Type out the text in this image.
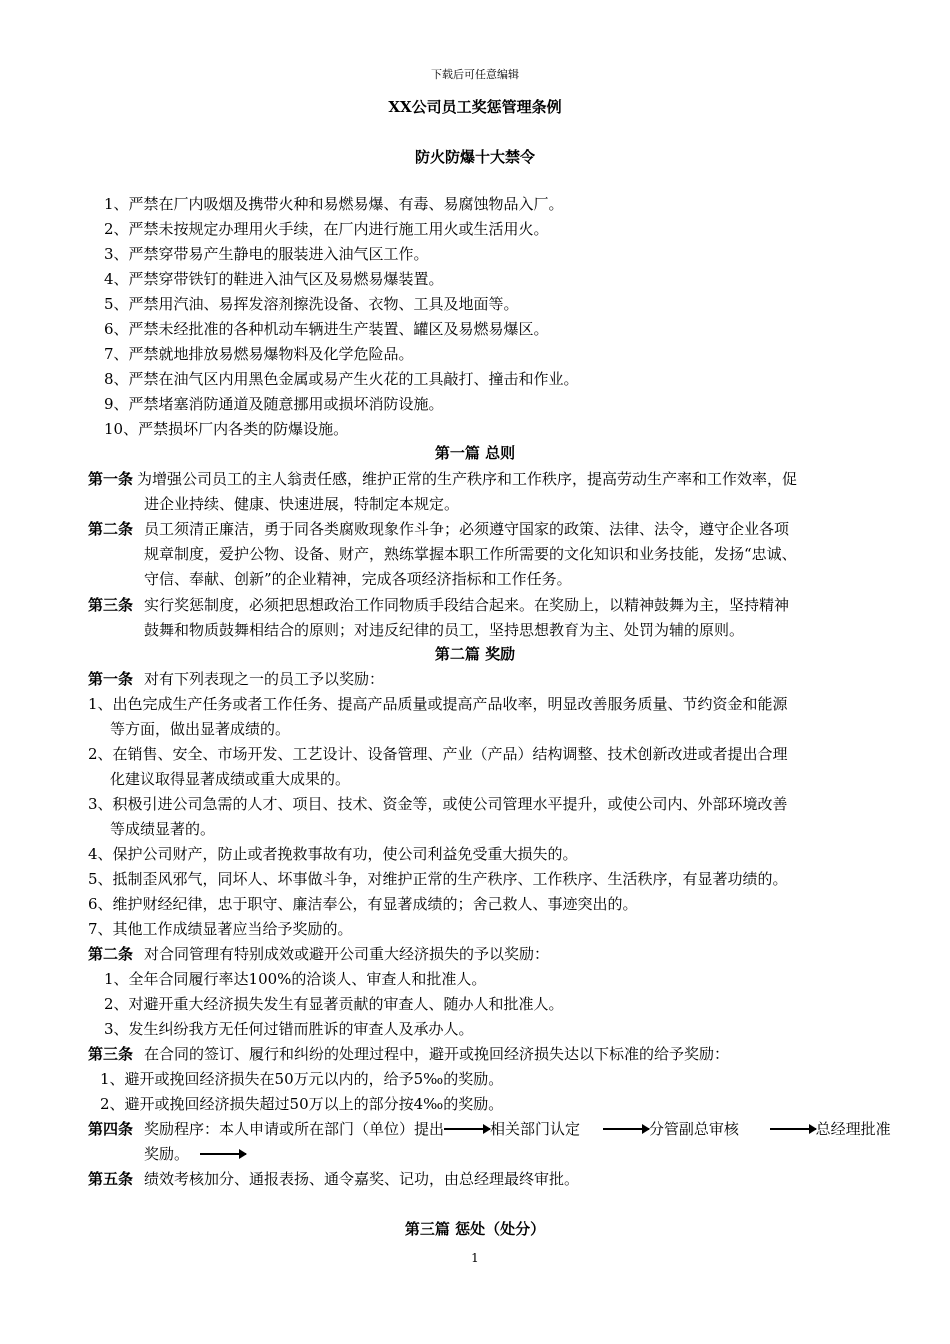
下载后可任意编辑
XX公司员工奖惩管理条例
防火防爆十大禁令
1、严禁在厂内吸烟及携带火种和易燃易爆、有毒、易腐蚀物品入厂。
2、严禁未按规定办理用火手续，在厂内进行施工用火或生活用火。
3、严禁穿带易产生静电的服装进入油气区工作。
4、严禁穿带铁钉的鞋进入油气区及易燃易爆装置。
5、严禁用汽油、易挥发溶剂擦洗设备、衣物、工具及地面等。
6、严禁未经批准的各种机动车辆进生产装置、罐区及易燃易爆区。
7、严禁就地排放易燃易爆物料及化学危险品。
8、严禁在油气区内用黑色金属或易产生火花的工具敲打、撞击和作业。
9、严禁堵塞消防通道及随意挪用或损坏消防设施。
10、严禁损坏厂内各类的防爆设施。
第一篇 总则
第一条 为增强公司员工的主人翁责任感，维护正常的生产秩序和工作秩序，提高劳动生产率和工作效率，促
进企业持续、健康、快速进展，特制定本规定。
第二条 员工须清正廉洁，勇于同各类腐败现象作斗争；必须遵守国家的政策、法律、法令，遵守企业各项
规章制度，爱护公物、设备、财产，熟练掌握本职工作所需要的文化知识和业务技能，发扬“忠诚、
守信、奉献、创新”的企业精神，完成各项经济指标和工作任务。
第三条 实行奖惩制度，必须把思想政治工作同物质手段结合起来。在奖励上，以精神鼓舞为主，坚持精神
鼓舞和物质鼓舞相结合的原则；对违反纪律的员工，坚持思想教育为主、处罚为辅的原则。
第二篇 奖励
第一条 对有下列表现之一的员工予以奖励：
1、出色完成生产任务或者工作任务、提高产品质量或提高产品收率，明显改善服务质量、节约资金和能源
等方面，做出显著成绩的。
2、在销售、安全、市场开发、工艺设计、设备管理、产业（产品）结构调整、技术创新改进或者提出合理
化建议取得显著成绩或重大成果的。
3、积极引进公司急需的人才、项目、技术、资金等，或使公司管理水平提升，或使公司内、外部环境改善
等成绩显著的。
4、保护公司财产，防止或者挽救事故有功，使公司利益免受重大损失的。
5、抵制歪风邪气，同坏人、坏事做斗争，对维护正常的生产秩序、工作秩序、生活秩序，有显著功绩的。
6、维护财经纪律，忠于职守、廉洁奉公，有显著成绩的；舍己救人、事迹突出的。
7、其他工作成绩显著应当给予奖励的。
第二条 对合同管理有特别成效或避开公司重大经济损失的予以奖励：
1、全年合同履行率达100%的洽谈人、审查人和批准人。
2、对避开重大经济损失发生有显著贡献的审查人、随办人和批准人。
3、发生纠纷我方无任何过错而胜诉的审查人及承办人。
第三条 在合同的签订、履行和纠纷的处理过程中，避开或挽回经济损失达以下标准的给予奖励：
1、避开或挽回经济损失在50万元以内的，给予5‰的奖励。
2、避开或挽回经济损失超过50万以上的部分按4‰的奖励。
第四条 奖励程序：本人申请或所在部门（单位）提出	相关部门认定	分管副总审核	总经理批准
奖励。
第五条 绩效考核加分、通报表扬、通令嘉奖、记功，由总经理最终审批。
第三篇 惩处（处分）
1
